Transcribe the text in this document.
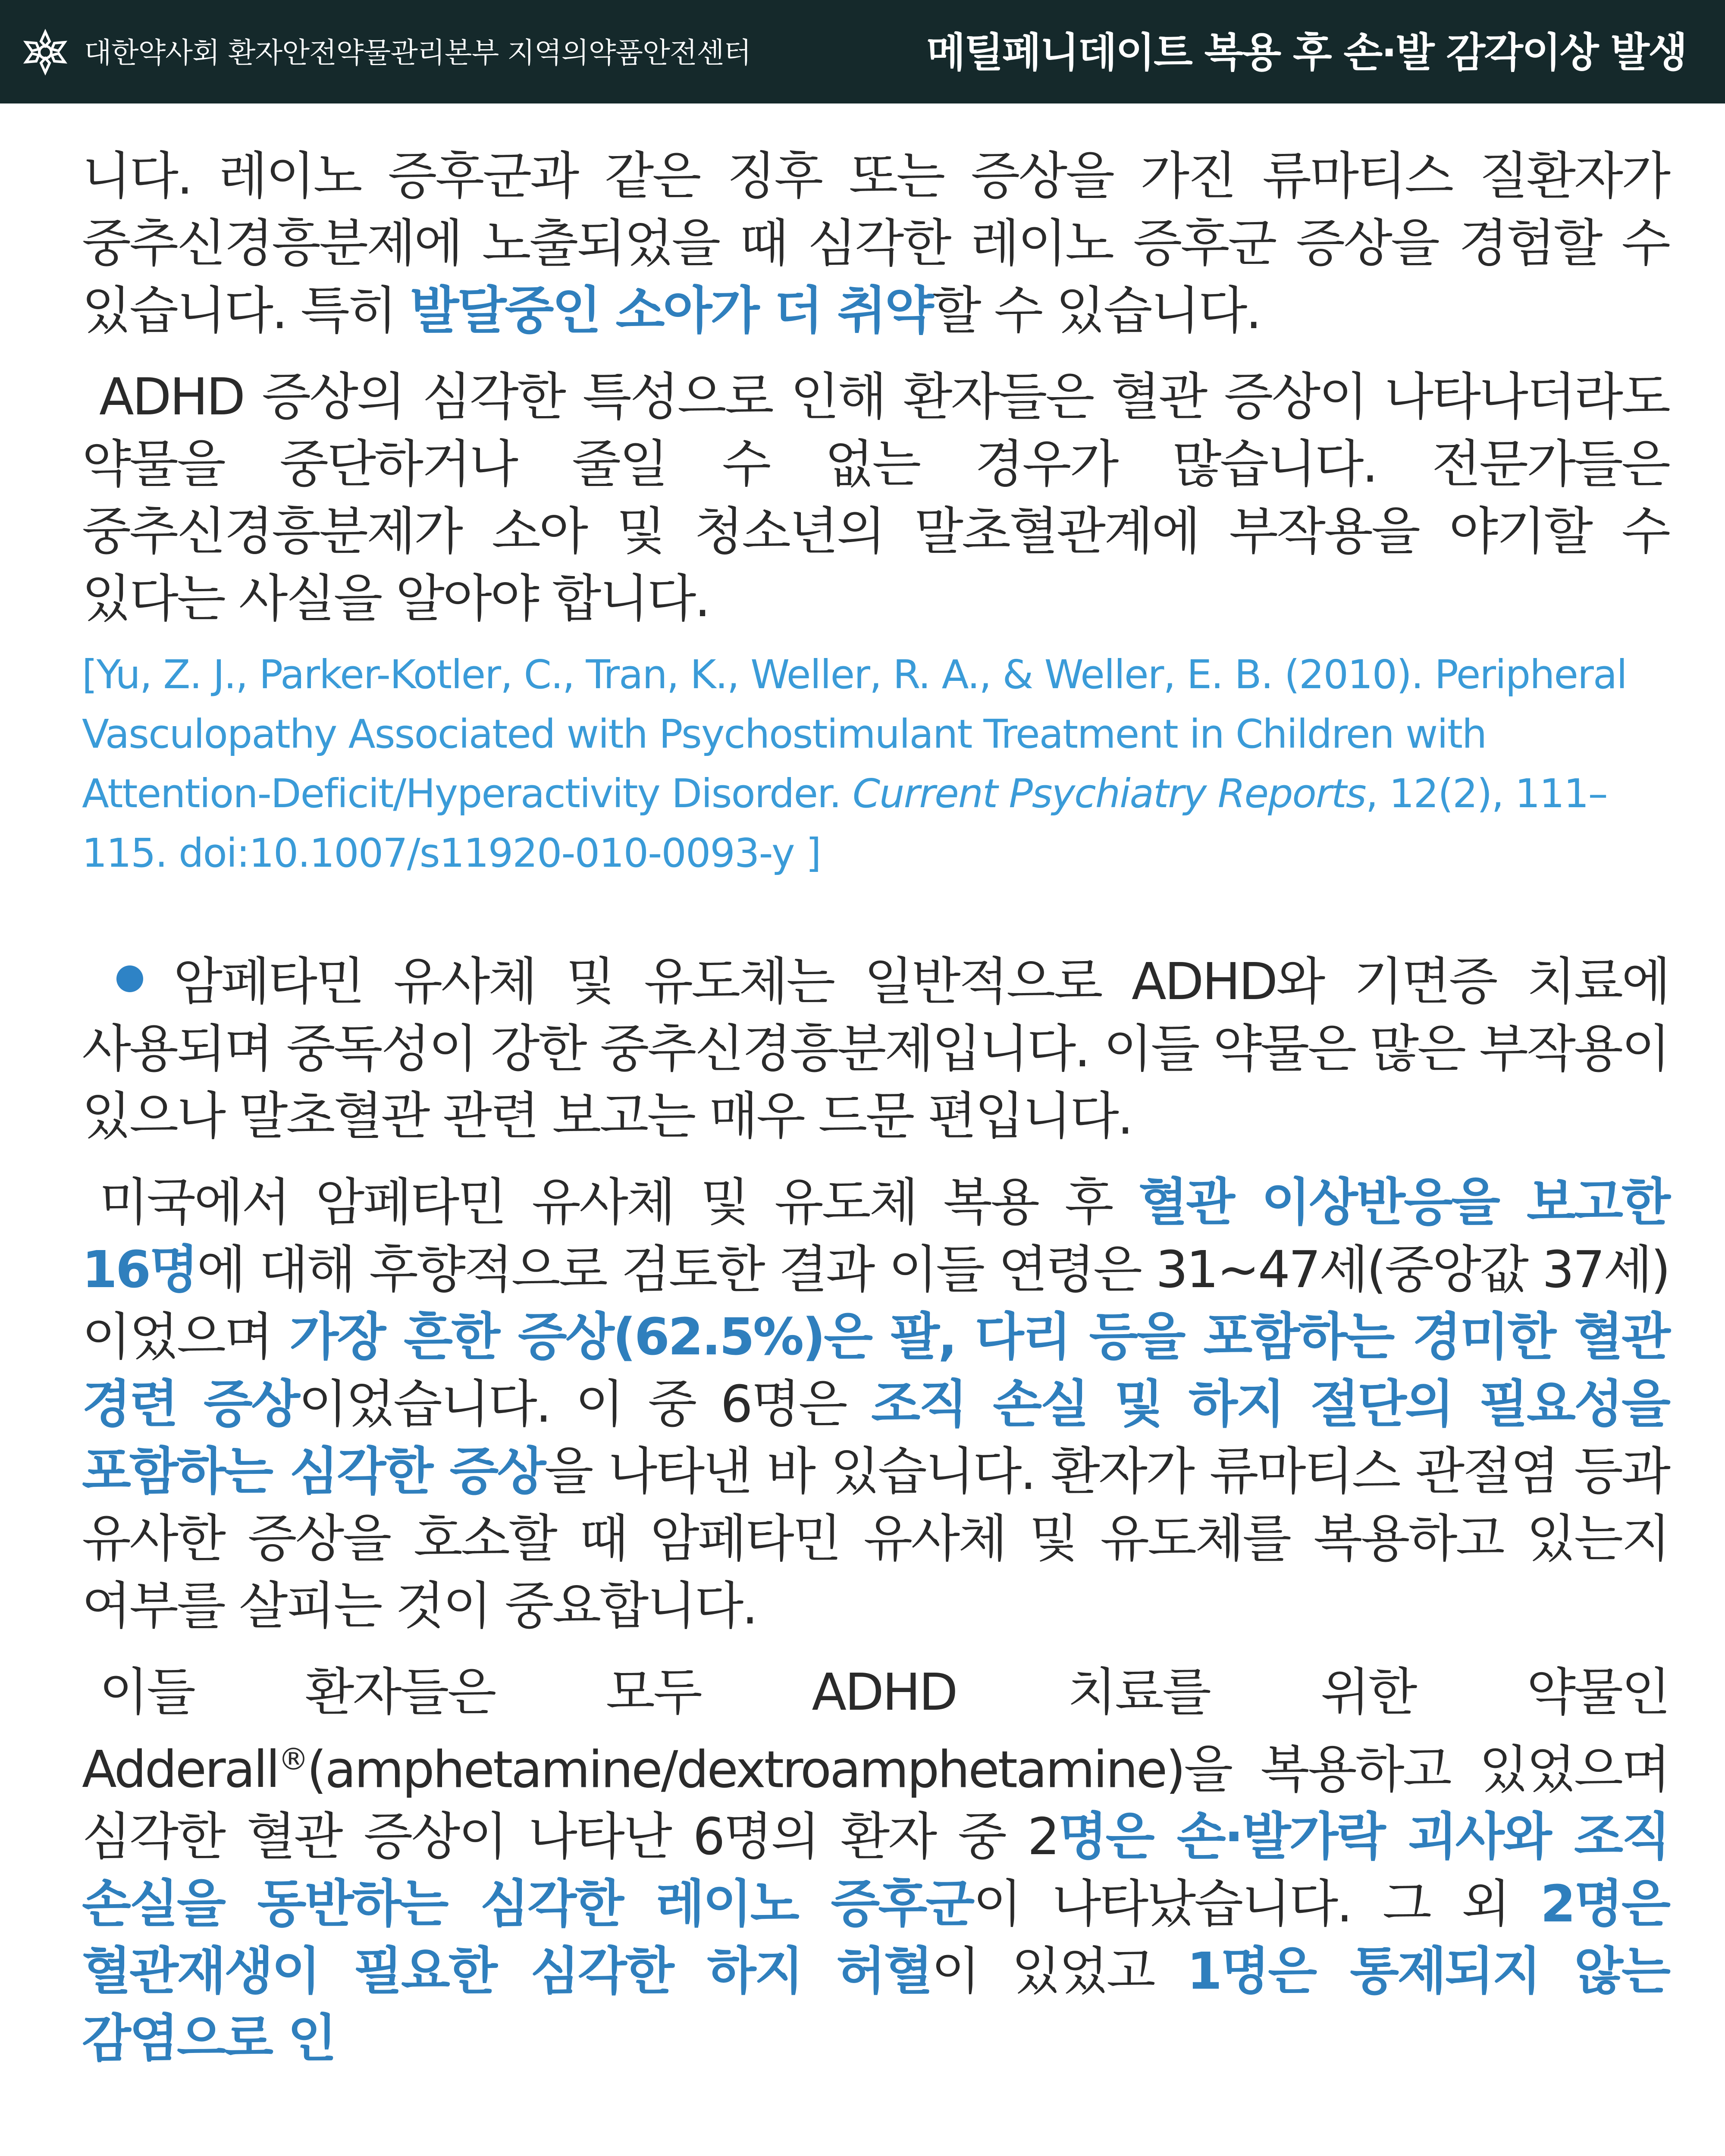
대한약사회 환자안전약물관리본부 지역의약품안전센터	메틸페니데이트 복용 후 손·발 감각이상 발생

니다. 레이노 증후군과 같은 징후 또는 증상을 가진 류마티스 질환자가 중추신경흥분제에 노출되었을 때 심각한 레이노 증후군 증상을 경험할 수 있습니다. 특히 발달중인 소아가 더 취약할 수 있습니다.

ADHD 증상의 심각한 특성으로 인해 환자들은 혈관 증상이 나타나더라도 약물을 중단하거나 줄일 수 없는 경우가 많습니다. 전문가들은 중추신경흥분제가 소아 및 청소년의 말초혈관계에 부작용을 야기할 수 있다는 사실을 알아야 합니다.

[Yu, Z. J., Parker-Kotler, C., Tran, K., Weller, R. A., & Weller, E. B. (2010). Peripheral Vasculopathy Associated with Psychostimulant Treatment in Children with Attention-Deficit/Hyperactivity Disorder. Current Psychiatry Reports, 12(2), 111–115. doi:10.1007/s11920-010-0093-y ]

암페타민 유사체 및 유도체는 일반적으로 ADHD와 기면증 치료에 사용되며 중독성이 강한 중추신경흥분제입니다. 이들 약물은 많은 부작용이 있으나 말초혈관 관련 보고는 매우 드문 편입니다.

미국에서 암페타민 유사체 및 유도체 복용 후 혈관 이상반응을 보고한 16명에 대해 후향적으로 검토한 결과 이들 연령은 31~47세(중앙값 37세)이었으며 가장 흔한 증상(62.5%)은 팔, 다리 등을 포함하는 경미한 혈관 경련 증상이었습니다. 이 중 6명은 조직 손실 및 하지 절단의 필요성을 포함하는 심각한 증상을 나타낸 바 있습니다. 환자가 류마티스 관절염 등과 유사한 증상을 호소할 때 암페타민 유사체 및 유도체를 복용하고 있는지 여부를 살피는 것이 중요합니다.

이들 환자들은 모두 ADHD 치료를 위한 약물인 Adderall®(amphetamine/dextroamphetamine)을 복용하고 있었으며 심각한 혈관 증상이 나타난 6명의 환자 중 2명은 손·발가락 괴사와 조직 손실을 동반하는 심각한 레이노 증후군이 나타났습니다. 그 외 2명은 혈관재생이 필요한 심각한 하지 허혈이 있었고 1명은 통제되지 않는 감염으로 인
